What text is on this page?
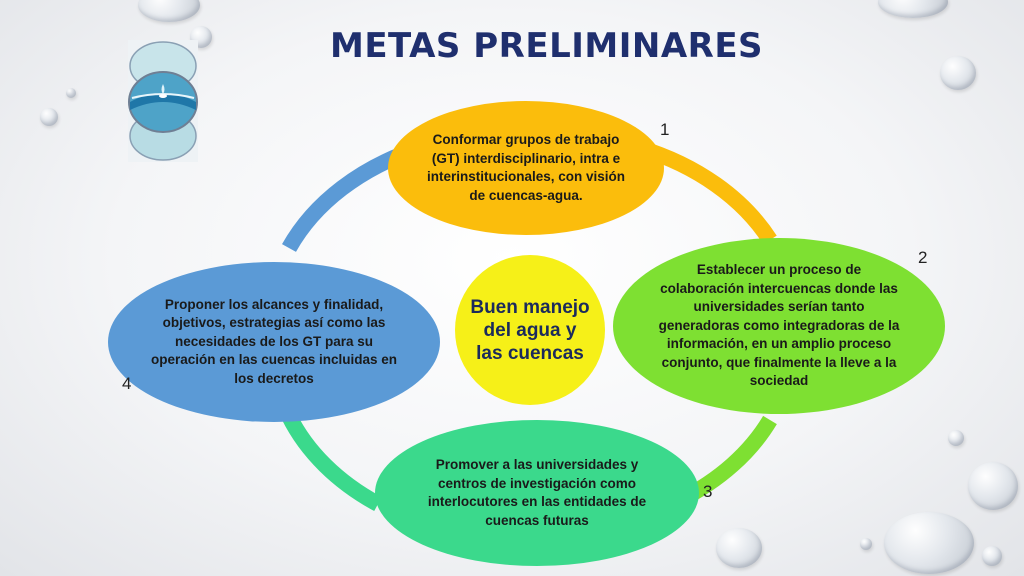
METAS PRELIMINARES
Conformar grupos de trabajo (GT) interdisciplinario, intra e interinstitucionales, con visión de cuencas-agua.
Establecer un proceso de colaboración intercuencas donde las universidades serían tanto generadoras como integradoras de la información, en un amplio proceso conjunto, que finalmente la lleve a la sociedad
Promover a las universidades y centros de investigación como interlocutores en las entidades de cuencas futuras
Proponer los alcances y finalidad, objetivos, estrategias así como las necesidades de los GT para su operación en las cuencas incluidas en los decretos
Buen manejo del agua y las cuencas
1
2
3
4
